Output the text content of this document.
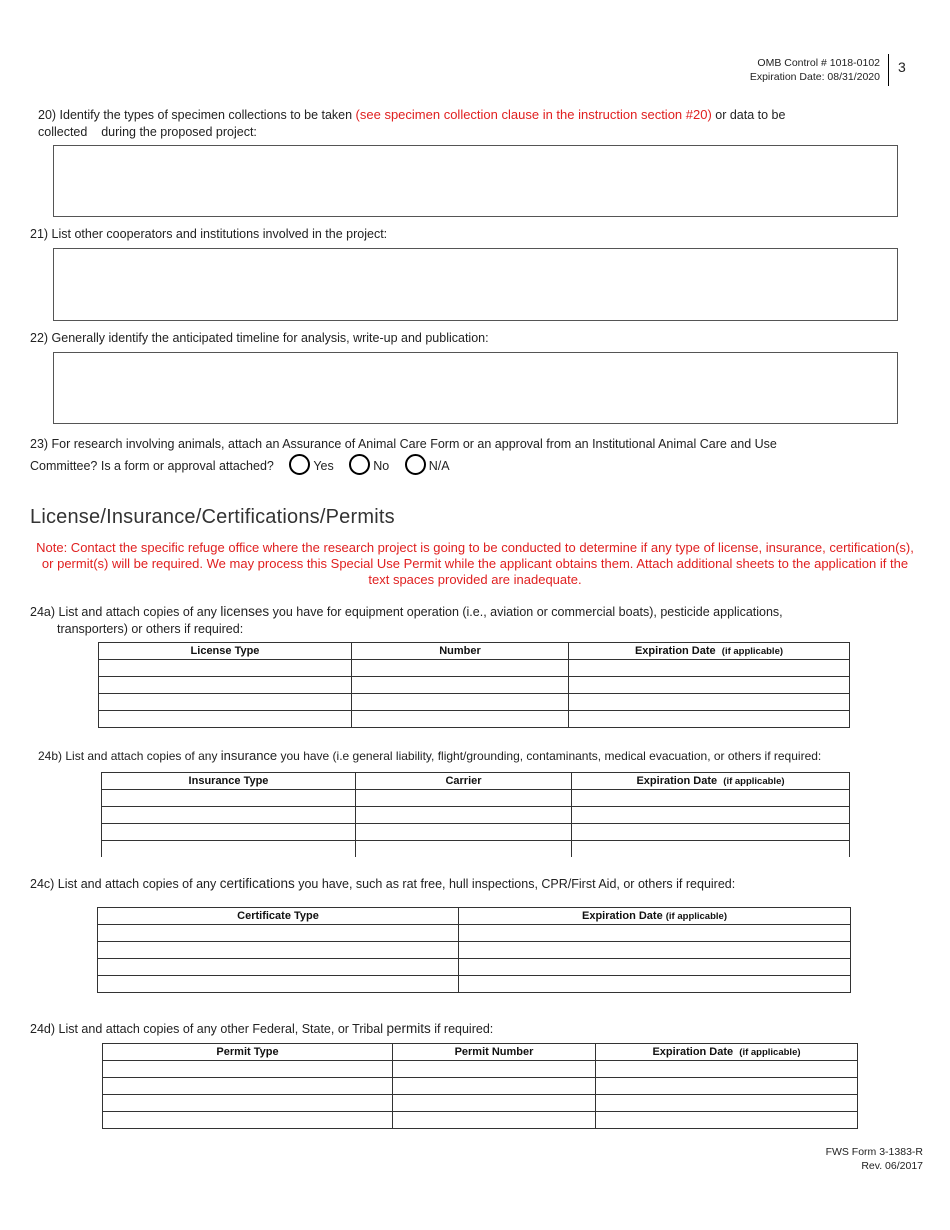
OMB Control # 1018-0102
Expiration Date: 08/31/2020
3
20) Identify the types of specimen collections to be taken (see specimen collection clause in the instruction section #20) or data to be
collected    during the proposed project:
21) List other cooperators and institutions involved in the project:
22) Generally identify the anticipated timeline for analysis, write-up and publication:
23) For research involving animals, attach an Assurance of Animal Care Form or an approval from an Institutional Animal Care and Use
Committee? Is a form or approval attached?	Yes	No	N/A
License/Insurance/Certifications/Permits
Note: Contact the specific refuge office where the research project is going to be conducted to determine if any type of license, insurance, certification(s), or permit(s) will be required. We may process this Special Use Permit while the applicant obtains them. Attach additional sheets to the application if the text spaces provided are inadequate.
24a) List and attach copies of any licenses you have for equipment operation (i.e., aviation or commercial boats), pesticide applications,
transporters) or others if required:
License Type	Number	Expiration Date (if applicable)

24b) List and attach copies of any insurance you have (i.e general liability, flight/grounding, contaminants, medical evacuation, or others if required:
Insurance Type	Carrier	Expiration Date (if applicable)

24c) List and attach copies of any certifications you have, such as rat free, hull inspections, CPR/First Aid, or others if required:
Certificate Type	Expiration Date (if applicable)

24d) List and attach copies of any other Federal, State, or Tribal permits if required:
Permit Type	Permit Number	Expiration Date (if applicable)

FWS Form 3-1383-R
Rev. 06/2017
